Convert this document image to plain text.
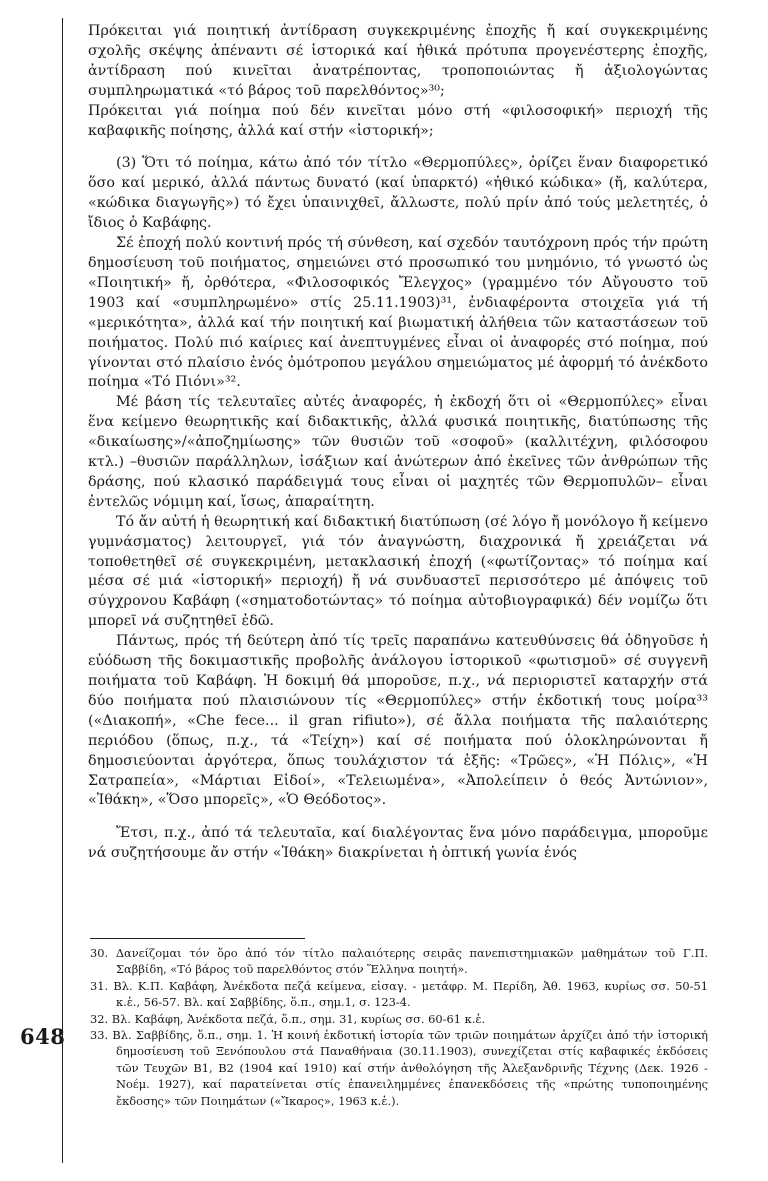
648

Πρόκειται γιά ποιητική ἀντίδραση συγκεκριμένης ἐποχῆς ἤ καί συγκεκριμένης σχολῆς σκέψης ἀπέναντι σέ ἱστορικά καί ἠθικά πρότυπα προγενέστερης ἐποχῆς, ἀντίδραση πού κινεῖται ἀνατρέποντας, τροποποιώντας ἤ ἀξιολογώντας συμπληρωματικά «τό βάρος τοῦ παρελθόντος»³⁰;

Πρόκειται γιά ποίημα πού δέν κινεῖται μόνο στή «φιλοσοφική» περιοχή τῆς καβαφικῆς ποίησης, ἀλλά καί στήν «ἱστορική»;

(3) Ὅτι τό ποίημα, κάτω ἀπό τόν τίτλο «Θερμοπύλες», ὁρίζει ἕναν διαφορετικό ὅσο καί μερικό, ἀλλά πάντως δυνατό (καί ὑπαρκτό) «ἠθικό κώδικα» (ἤ, καλύτερα, «κώδικα διαγωγῆς») τό ἔχει ὑπαινιχθεῖ, ἄλλωστε, πολύ πρίν ἀπό τούς μελετητές, ὁ ἴδιος ὁ Καβάφης.

Σέ ἐποχή πολύ κοντινή πρός τή σύνθεση, καί σχεδόν ταυτόχρονη πρός τήν πρώτη δημοσίευση τοῦ ποιήματος, σημειώνει στό προσωπικό του μνημόνιο, τό γνωστό ὡς «Ποιητική» ἤ, ὀρθότερα, «Φιλοσοφικός Ἔλεγχος» (γραμμένο τόν Αὔγουστο τοῦ 1903 καί «συμπληρωμένο» στίς 25.11.1903)³¹, ἐνδιαφέροντα στοιχεῖα γιά τή «μερικότητα», ἀλλά καί τήν ποιητική καί βιωματική ἀλήθεια τῶν καταστάσεων τοῦ ποιήματος. Πολύ πιό καίριες καί ἀνεπτυγμένες εἶναι οἱ ἀναφορές στό ποίημα, πού γίνονται στό πλαίσιο ἑνός ὁμότροπου μεγάλου σημειώματος μέ ἀφορμή τό ἀνέκδοτο ποίημα «Τό Πιόνι»³².

Μέ βάση τίς τελευταῖες αὐτές ἀναφορές, ἡ ἐκδοχή ὅτι οἱ «Θερμοπύλες» εἶναι ἕνα κείμενο θεωρητικῆς καί διδακτικῆς, ἀλλά φυσικά ποιητικῆς, διατύπωσης τῆς «δικαίωσης»/«ἀποζημίωσης» τῶν θυσιῶν τοῦ «σοφοῦ» (καλλιτέχνη, φιλόσοφου κτλ.) –θυσιῶν παράλληλων, ἰσάξιων καί ἀνώτερων ἀπό ἐκεῖνες τῶν ἀνθρώπων τῆς δράσης, πού κλασικό παράδειγμά τους εἶναι οἱ μαχητές τῶν Θερμοπυλῶν– εἶναι ἐντελῶς νόμιμη καί, ἴσως, ἀπαραίτητη.

Τό ἄν αὐτή ἡ θεωρητική καί διδακτική διατύπωση (σέ λόγο ἤ μονόλογο ἤ κείμενο γυμνάσματος) λειτουργεῖ, γιά τόν ἀναγνώστη, διαχρονικά ἤ χρειάζεται νά τοποθετηθεῖ σέ συγκεκριμένη, μετακλασική ἐποχή («φωτίζοντας» τό ποίημα καί μέσα σέ μιά «ἱστορική» περιοχή) ἤ νά συνδυαστεῖ περισσότερο μέ ἀπόψεις τοῦ σύγχρονου Καβάφη («σηματοδοτώντας» τό ποίημα αὐτοβιογραφικά) δέν νομίζω ὅτι μπορεῖ νά συζητηθεῖ ἐδῶ.

Πάντως, πρός τή δεύτερη ἀπό τίς τρεῖς παραπάνω κατευθύνσεις θά ὁδηγοῦσε ἡ εὐόδωση τῆς δοκιμαστικῆς προβολῆς ἀνάλογου ἱστορικοῦ «φωτισμοῦ» σέ συγγενῆ ποιήματα τοῦ Καβάφη. Ἡ δοκιμή θά μποροῦσε, π.χ., νά περιοριστεῖ καταρχήν στά δύο ποιήματα πού πλαισιώνουν τίς «Θερμοπύλες» στήν ἐκδοτική τους μοίρα³³ («Διακοπή», «Che fece... il gran rifiuto»), σέ ἄλλα ποιήματα τῆς παλαιότερης περιόδου (ὅπως, π.χ., τά «Τείχη») καί σέ ποιήματα πού ὁλοκληρώνονται ἤ δημοσιεύονται ἀργότερα, ὅπως τουλάχιστον τά ἑξῆς: «Τρῶες», «Ἡ Πόλις», «Ἡ Σατραπεία», «Μάρτιαι Εἰδοί», «Τελειωμένα», «Ἀπολείπειν ὁ θεός Ἀντώνιον», «Ἰθάκη», «Ὅσο μπορεῖς», «Ὁ Θεόδοτος».

Ἔτσι, π.χ., ἀπό τά τελευταῖα, καί διαλέγοντας ἕνα μόνο παράδειγμα, μποροῦμε νά συζητήσουμε ἄν στήν «Ἰθάκη» διακρίνεται ἡ ὀπτική γωνία ἑνός

30. Δανείζομαι τόν ὅρο ἀπό τόν τίτλο παλαιότερης σειρᾶς πανεπιστημιακῶν μαθημάτων τοῦ Γ.Π. Σαββίδη, «Τό βάρος τοῦ παρελθόντος στόν Ἕλληνα ποιητή».

31. Βλ. Κ.Π. Καβάφη, Ἀνέκδοτα πεζά κείμενα, εἰσαγ. - μετάφρ. Μ. Περίδη, Ἀθ. 1963, κυρίως σσ. 50-51 κ.ἑ., 56-57. Βλ. καί Σαββίδης, ὅ.π., σημ.1, σ. 123-4.

32. Βλ. Καβάφη, Ἀνέκδοτα πεζά, ὅ.π., σημ. 31, κυρίως σσ. 60-61 κ.ἑ.

33. Βλ. Σαββίδης, ὅ.π., σημ. 1. Ἡ κοινή ἐκδοτική ἱστορία τῶν τριῶν ποιημάτων ἀρχίζει ἀπό τήν ἱστορική δημοσίευση τοῦ Ξενόπουλου στά Παναθήναια (30.11.1903), συνεχίζεται στίς καβαφικές ἐκδόσεις τῶν Τευχῶν Β1, Β2 (1904 καί 1910) καί στήν ἀνθολόγηση τῆς Ἀλεξανδρινῆς Τέχνης (Δεκ. 1926 - Νοέμ. 1927), καί παρατείνεται στίς ἐπανειλημμένες ἐπανεκδόσεις τῆς «πρώτης τυποποιημένης ἔκδοσης» τῶν Ποιημάτων («Ἴκαρος», 1963 κ.ἑ.).
